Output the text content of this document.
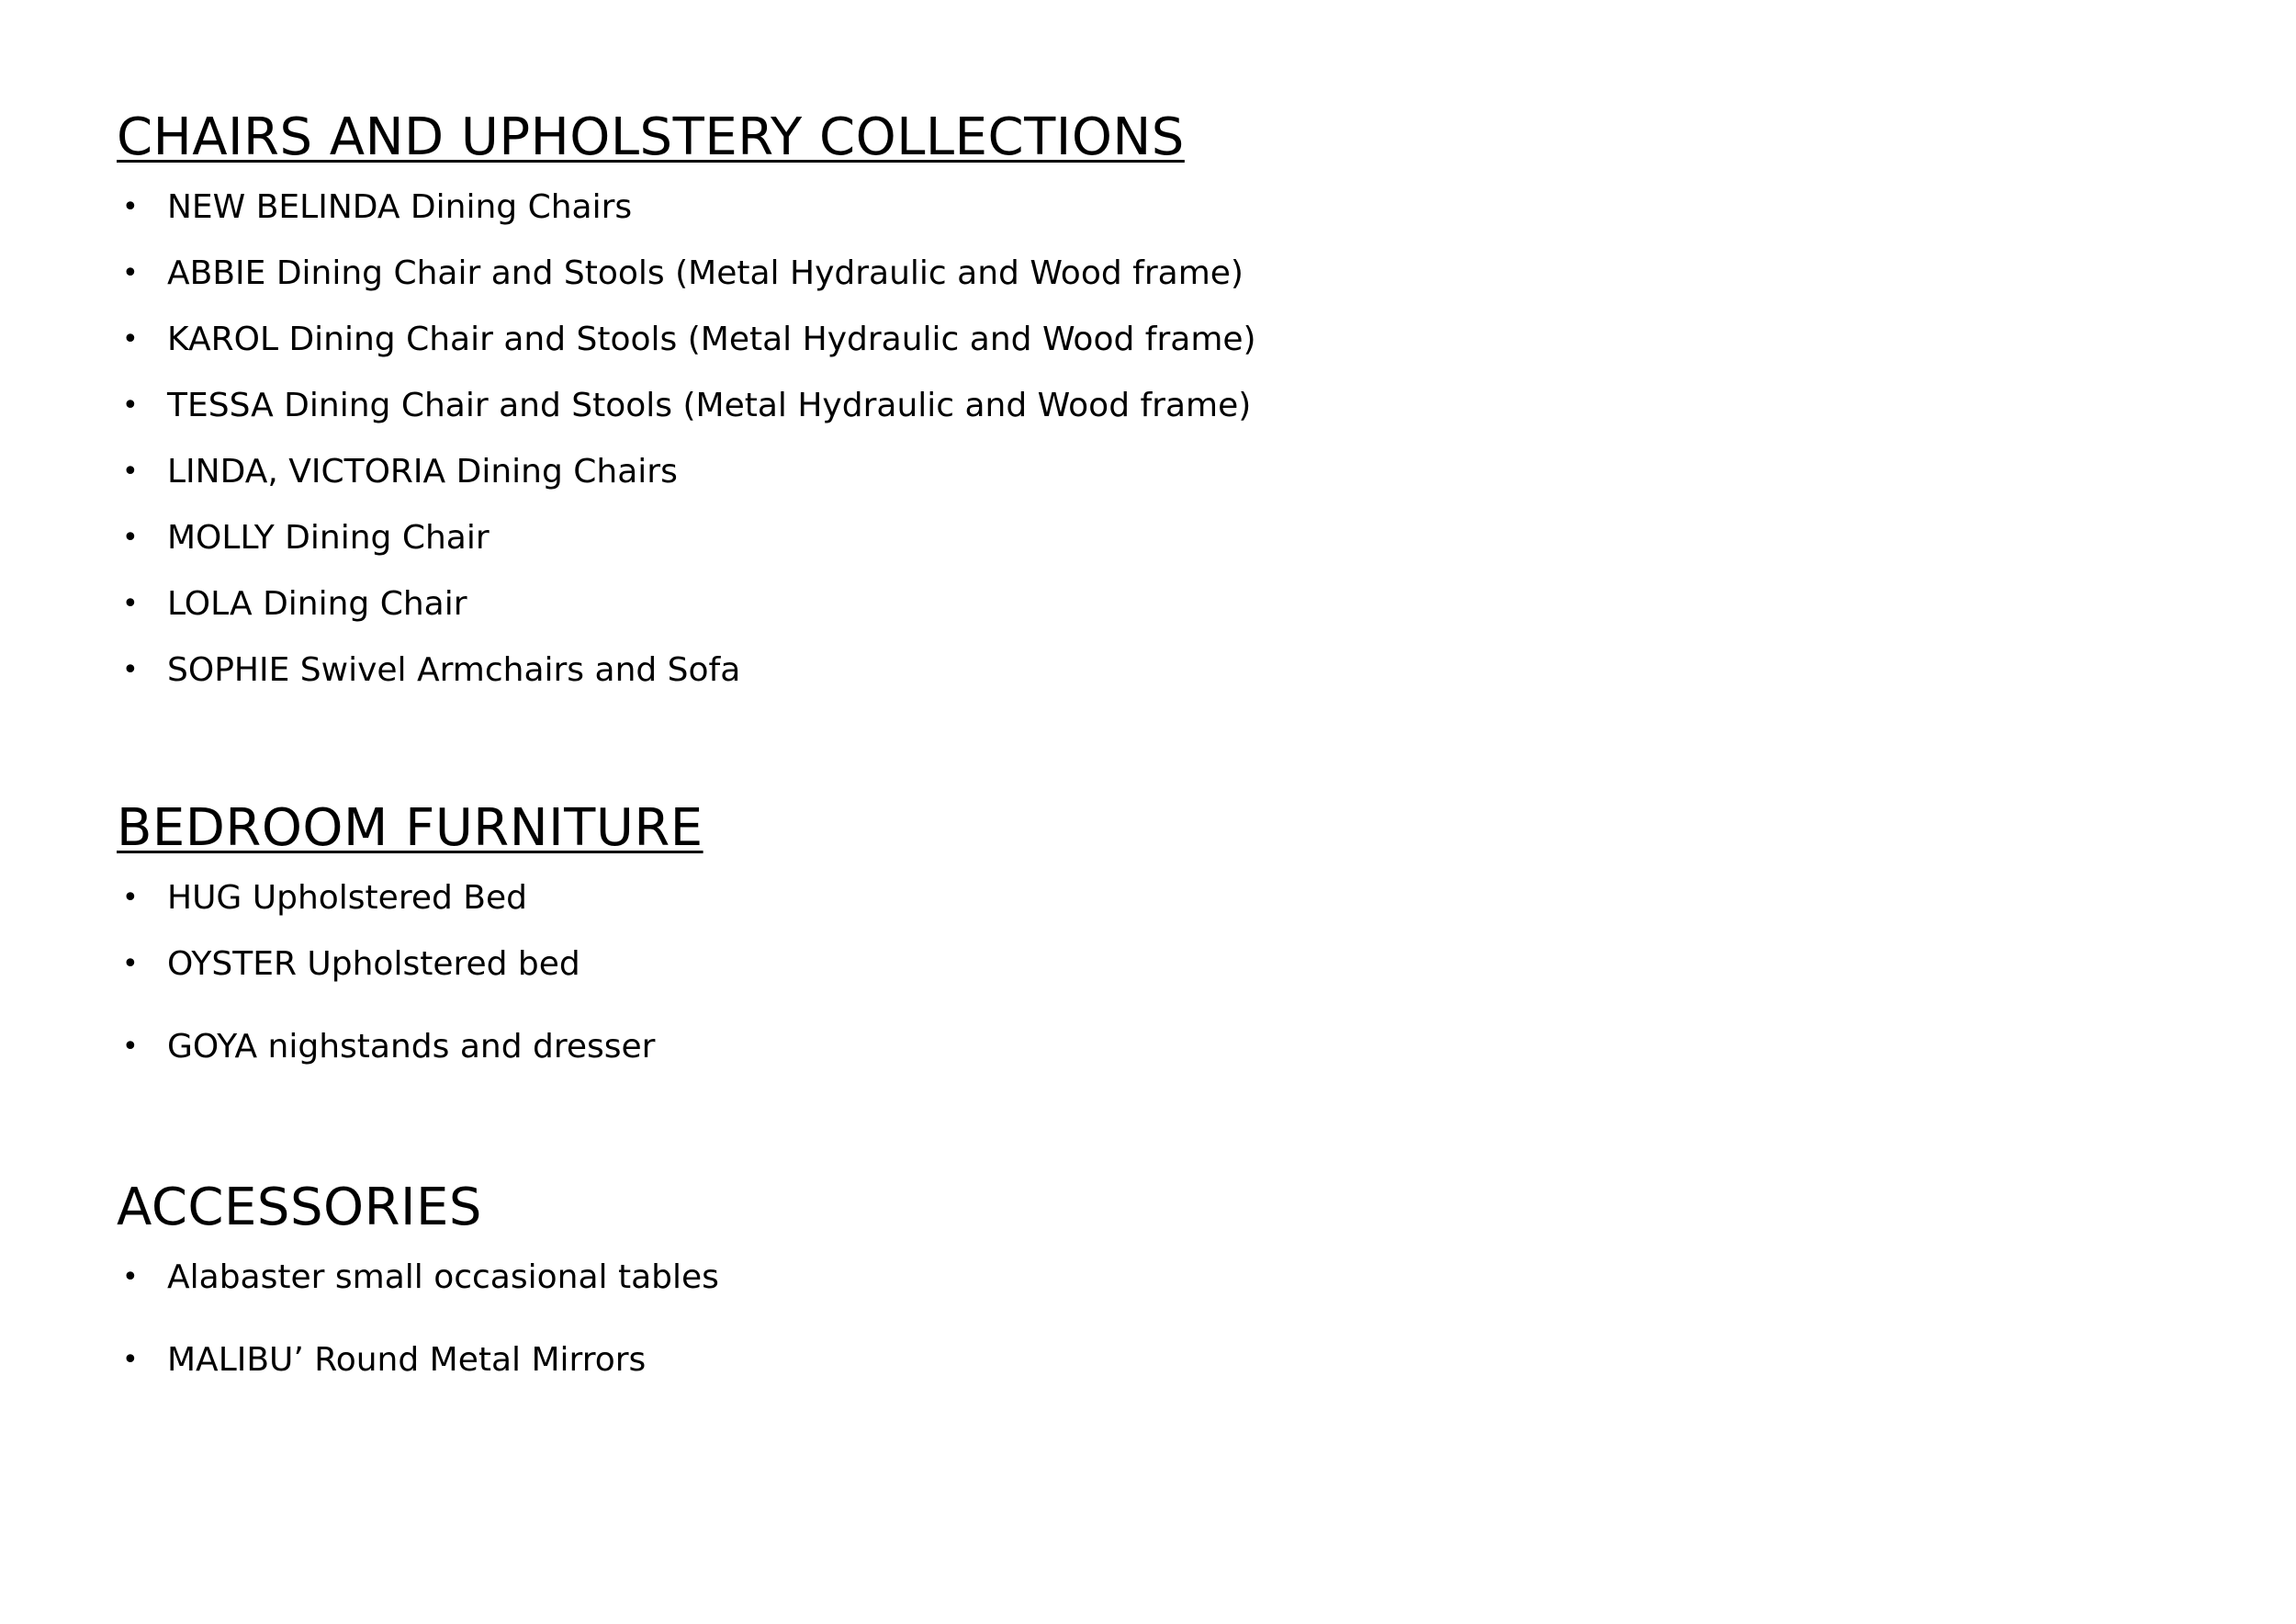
CHAIRS AND UPHOLSTERY COLLECTIONS
• NEW BELINDA Dining Chairs
• ABBIE Dining Chair and Stools (Metal Hydraulic and Wood frame)
• KAROL Dining Chair and Stools (Metal Hydraulic and Wood frame)
• TESSA Dining Chair and Stools (Metal Hydraulic and Wood frame)
• LINDA, VICTORIA Dining Chairs
• MOLLY Dining Chair
• LOLA Dining Chair
• SOPHIE Swivel Armchairs and Sofa
BEDROOM FURNITURE
• HUG Upholstered Bed
• OYSTER Upholstered bed
• GOYA nighstands and dresser
ACCESSORIES
• Alabaster small occasional tables
• MALIBU’ Round Metal Mirrors
